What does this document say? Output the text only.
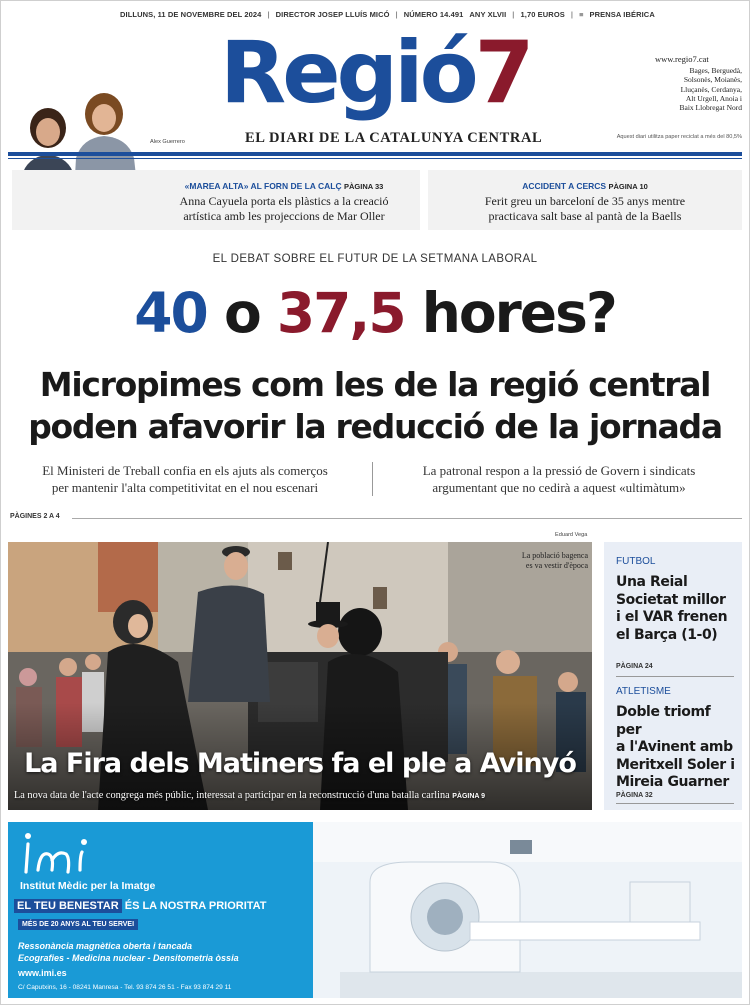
DILLUNS, 11 DE NOVEMBRE DEL 2024 | DIRECTOR JOSEP LLUÍS MICÓ | NÚMERO 14.491 ANY XLVII | 1,70 EUROS | ≡ PRENSA IBÉRICA
Regió7
EL DIARI DE LA CATALUNYA CENTRAL
www.regio7.cat
Bages, Berguedà,
Solsonès, Moianès,
Lluçanès, Cerdanya,
Alt Urgell, Anoia i
Baix Llobregat Nord
Aquest diari utilitza paper reciclat a més del 80,5%
Alex Guerrero
«MAREA ALTA» AL FORN DE LA CALÇ PÀGINA 33
Anna Cayuela porta els plàstics a la creació
artística amb les projeccions de Mar Oller
ACCIDENT A CERCS PÀGINA 10
Ferit greu un barceloní de 35 anys mentre
practicava salt base al pantà de la Baells
EL DEBAT SOBRE EL FUTUR DE LA SETMANA LABORAL
40 o 37,5 hores?
Micropimes com les de la regió central
poden afavorir la reducció de la jornada
El Ministeri de Treball confia en els ajuts als comerços
per mantenir l'alta competitivitat en el nou escenari
La patronal respon a la pressió de Govern i sindicats
argumentant que no cedirà a aquest «ultimàtum»
PÀGINES 2 A 4
Eduard Vega
La població bagenca
es va vestir d'època
La Fira dels Matiners fa el ple a Avinyó
La nova data de l'acte congrega més públic, interessat a participar en la reconstrucció d'una batalla carlina PÀGINA 9
FUTBOL
Una Reial
Societat millor
i el VAR frenen
el Barça (1-0)
PÀGINA 24
ATLETISME
Doble triomf per
a l'Avinent amb
Meritxell Soler i
Mireia Guarner
PÀGINA 32
Institut Mèdic per la Imatge
EL TEU BENESTAR ÉS LA NOSTRA PRIORITAT
MÉS DE 20 ANYS AL TEU SERVEI
Ressonància magnètica oberta i tancada
Ecografies - Medicina nuclear - Densitometria òssia
www.imi.es
C/ Caputxins, 16 - 08241 Manresa - Tel. 93 874 26 51 - Fax 93 874 29 11
